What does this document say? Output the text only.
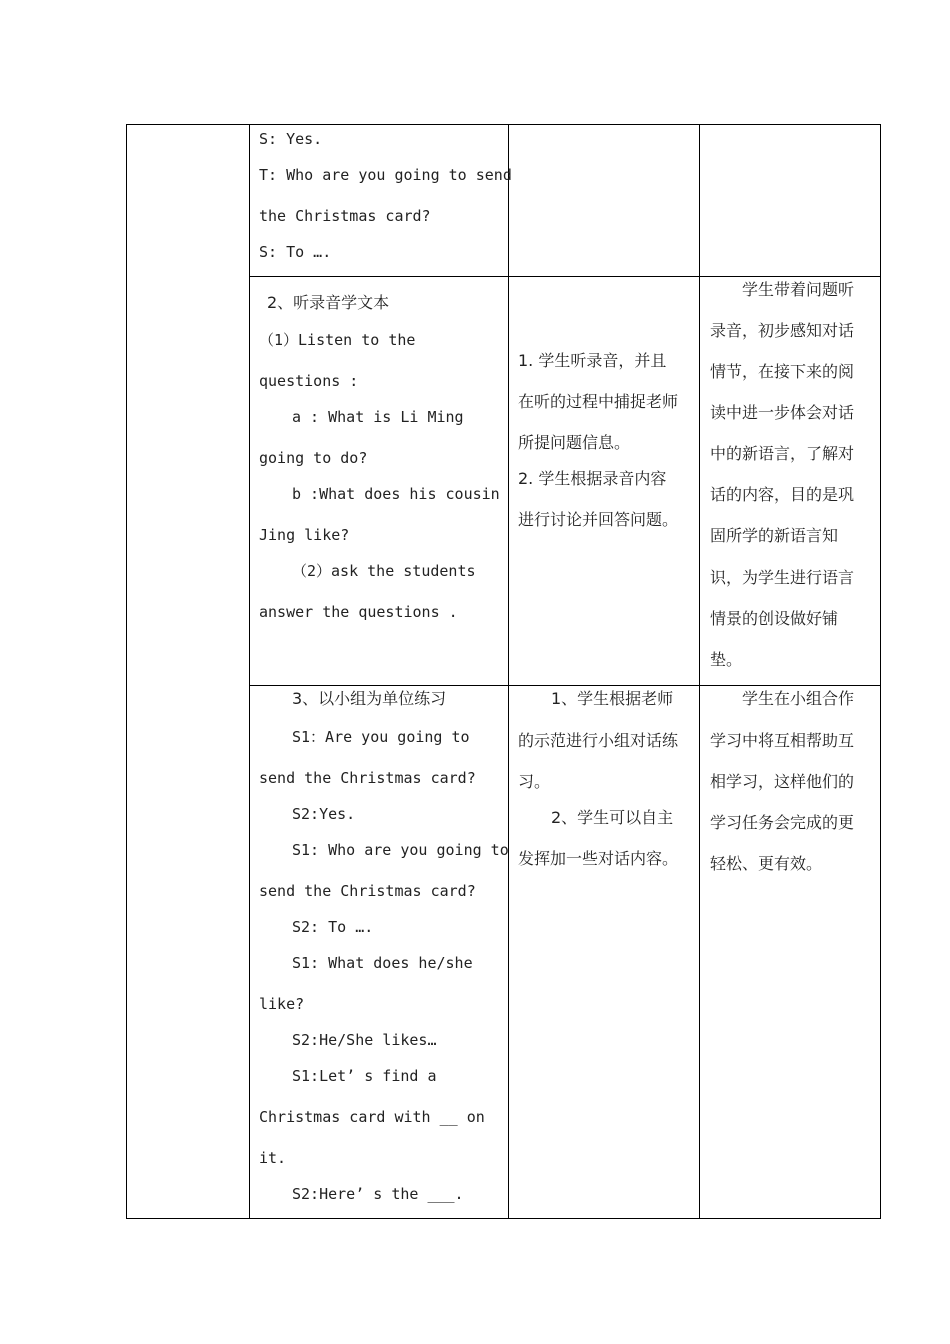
S: Yes.
T: Who are you going to send
the Christmas card?
S: To ….
2、听录音学文本
（1）Listen to the
questions :
a : What is Li Ming
going to do?
b :What does his cousin
Jing like?
（2）ask the students
answer the questions .
1. 学生听录音，并且
在听的过程中捕捉老师
所提问题信息。
2. 学生根据录音内容
进行讨论并回答问题。
学生带着问题听
录音，初步感知对话
情节，在接下来的阅
读中进一步体会对话
中的新语言，了解对
话的内容，目的是巩
固所学的新语言知
识，为学生进行语言
情景的创设做好铺
垫。
3、以小组为单位练习
S1：Are you going to
send the Christmas card?
S2:Yes.
S1: Who are you going to
send the Christmas card?
S2: To ….
S1: What does he/she
like?
S2:He/She likes…
S1:Let’ s find a
Christmas card with __ on
it.
S2:Here’ s the ___.
1、学生根据老师
的示范进行小组对话练
习。
2、学生可以自主
发挥加一些对话内容。
学生在小组合作
学习中将互相帮助互
相学习，这样他们的
学习任务会完成的更
轻松、更有效。
